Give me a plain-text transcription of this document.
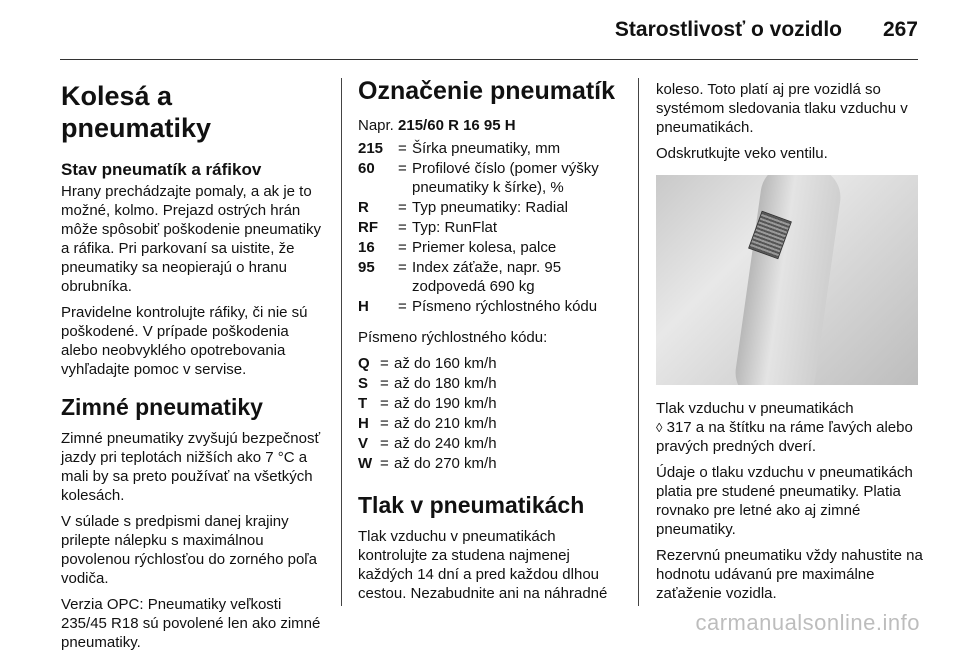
Starostlivosť o vozidlo 267
Kolesá a pneumatiky
Stav pneumatík a ráfikov

Hrany prechádzajte pomaly, a ak je to možné, kolmo. Prejazd ostrých hrán môže spôsobiť poškodenie pneumatiky a ráfika. Pri parkovaní sa uistite, že pneumatiky sa neopierajú o hranu obrubníka.

Pravidelne kontrolujte ráfiky, či nie sú poškodené. V prípade poškodenia alebo neobvyklého opotrebovania vyhľadajte pomoc v servise.

Zimné pneumatiky

Zimné pneumatiky zvyšujú bezpečnosť jazdy pri teplotách nižších ako 7 °C a mali by sa preto používať na všetkých kolesách.

V súlade s predpismi danej krajiny prilepte nálepku s maximálnou povolenou rýchlosťou do zorného poľa vodiča.

Verzia OPC: Pneumatiky veľkosti 235/45 R18 sú povolené len ako zimné pneumatiky.

Označenie pneumatík

Napr. 215/60 R 16 95 H

215 = Šírka pneumatiky, mm
60	= Profilové číslo (pomer výšky pneumatiky k šírke), %
R	= Typ pneumatiky: Radial
RF	= Typ: RunFlat
16	= Priemer kolesa, palce
95	= Index záťaže, napr. 95 zodpovedá 690 kg
H	= Písmeno rýchlostného kódu

Písmeno rýchlostného kódu:

Q = až do 160 km/h
S = až do 180 km/h
T = až do 190 km/h
H = až do 210 km/h
V = až do 240 km/h
W = až do 270 km/h
Tlak v pneumatikách

Tlak vzduchu v pneumatikách kontrolujte za studena najmenej každých 14 dní a pred každou dlhou cestou. Nezabudnite ani na náhradné

koleso. Toto platí aj pre vozidlá so systémom sledovania tlaku vzduchu v pneumatikách.

Odskrutkujte veko ventilu.

Tlak vzduchu v pneumatikách
◊ 317 a na štítku na ráme ľavých alebo pravých predných dverí.

Údaje o tlaku vzduchu v pneumatikách platia pre studené pneumatiky. Platia rovnako pre letné ako aj zimné pneumatiky.

Rezervnú pneumatiku vždy nahustite na hodnotu udávanú pre maximálne zaťaženie vozidla.

carmanualsonline.info
